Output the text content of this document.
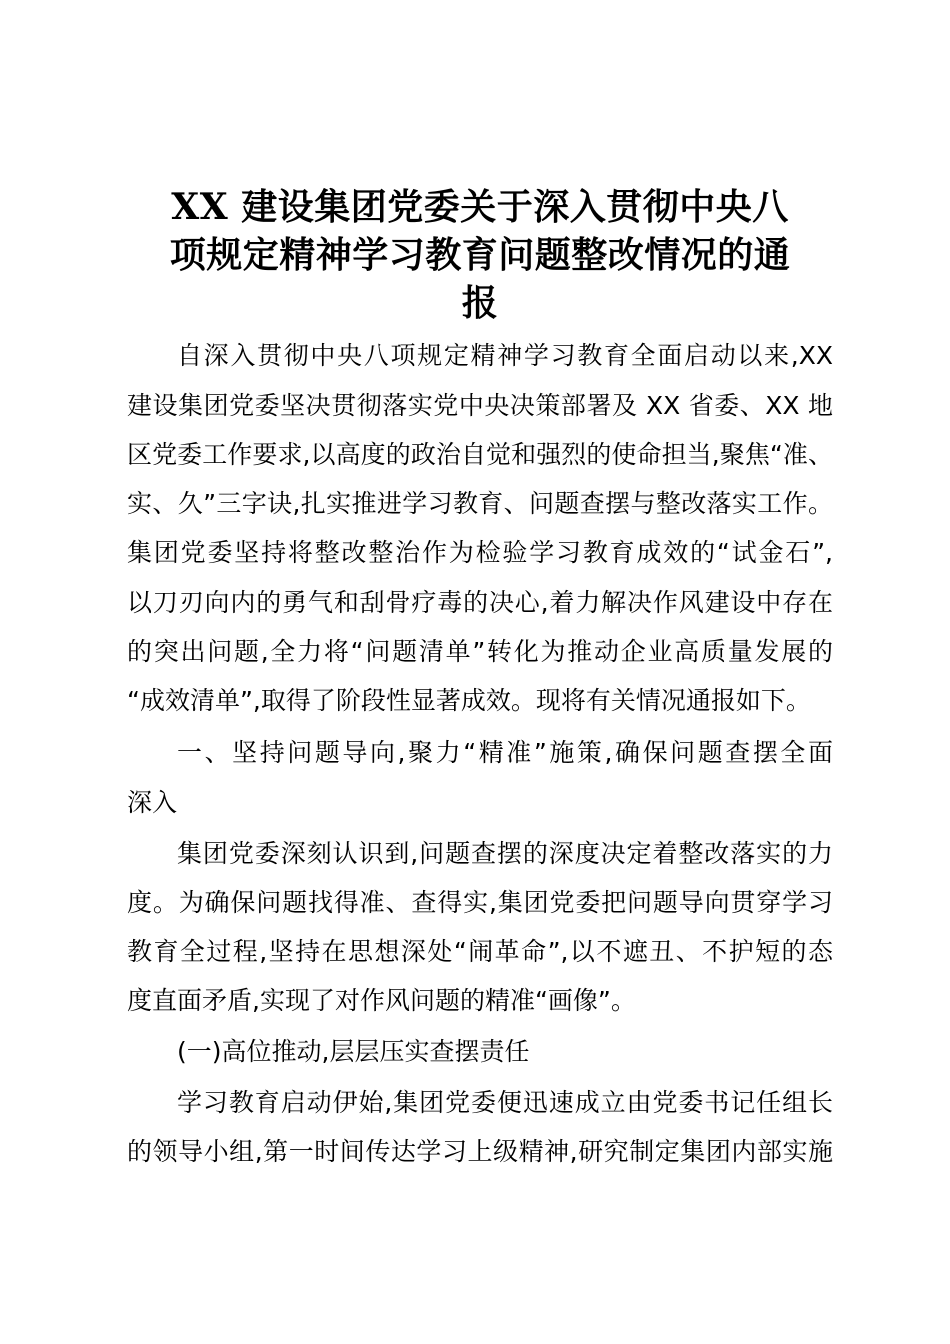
XX 建设集团党委关于深入贯彻中央八
项规定精神学习教育问题整改情况的通
报
自深入贯彻中央八项规定精神学习教育全面启动以来,XX
建设集团党委坚决贯彻落实党中央决策部署及 XX 省委、XX 地
区党委工作要求,以高度的政治自觉和强烈的使命担当,聚焦“准、
实、久”三字诀,扎实推进学习教育、问题查摆与整改落实工作。
集团党委坚持将整改整治作为检验学习教育成效的“试金石”,
以刀刃向内的勇气和刮骨疗毒的决心,着力解决作风建设中存在
的突出问题,全力将“问题清单”转化为推动企业高质量发展的
“成效清单”,取得了阶段性显著成效。现将有关情况通报如下。
一、坚持问题导向,聚力“精准”施策,确保问题查摆全面
深入
集团党委深刻认识到,问题查摆的深度决定着整改落实的力
度。为确保问题找得准、查得实,集团党委把问题导向贯穿学习
教育全过程,坚持在思想深处“闹革命”,以不遮丑、不护短的态
度直面矛盾,实现了对作风问题的精准“画像”。
(一)高位推动,层层压实查摆责任
学习教育启动伊始,集团党委便迅速成立由党委书记任组长
的领导小组,第一时间传达学习上级精神,研究制定集团内部实施
